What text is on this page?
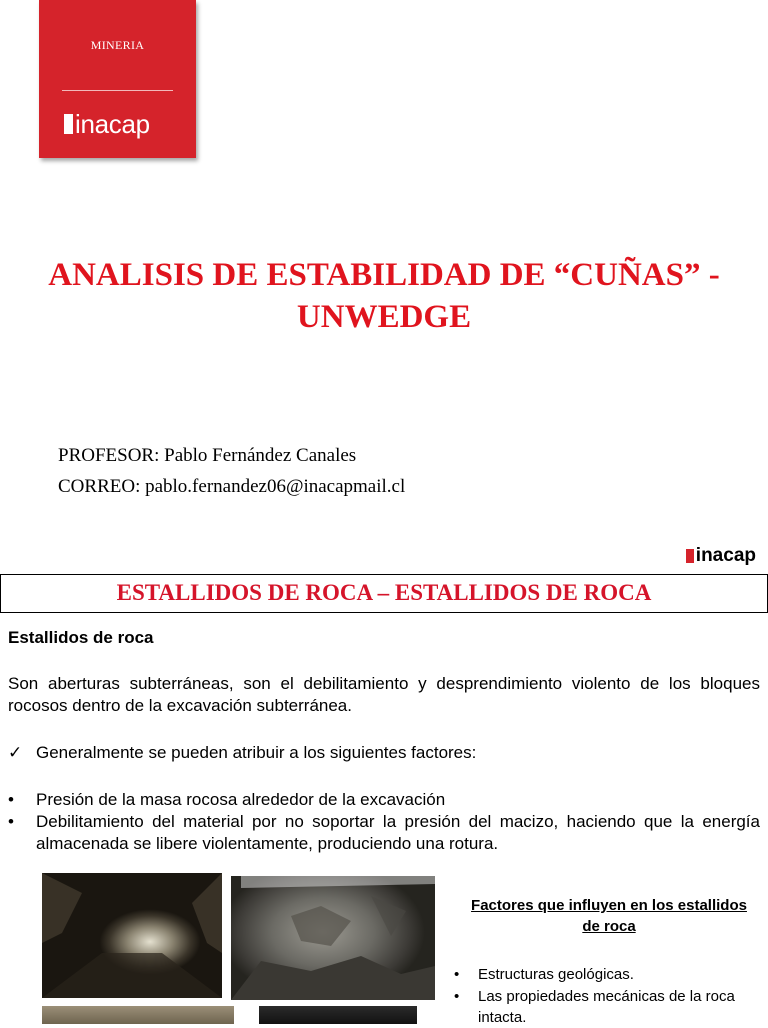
MINERIA
inacap
ANALISIS DE ESTABILIDAD DE “CUÑAS” -
UNWEDGE
PROFESOR: Pablo Fernández Canales
CORREO: pablo.fernandez06@inacapmail.cl
inacap
ESTALLIDOS DE ROCA – ESTALLIDOS DE ROCA
Estallidos de roca
Son aberturas subterráneas, son el debilitamiento y desprendimiento violento de los bloques rocosos dentro de la excavación subterránea.
✓ Generalmente se pueden atribuir a los siguientes factores:
• Presión de la masa rocosa alrededor de la excavación
• Debilitamiento del material por no soportar la presión del macizo, haciendo que la energía almacenada se libere violentamente, produciendo una rotura.
Factores que influyen en los estallidos
de roca
• Estructuras geológicas.
• Las propiedades mecánicas de la roca intacta.
